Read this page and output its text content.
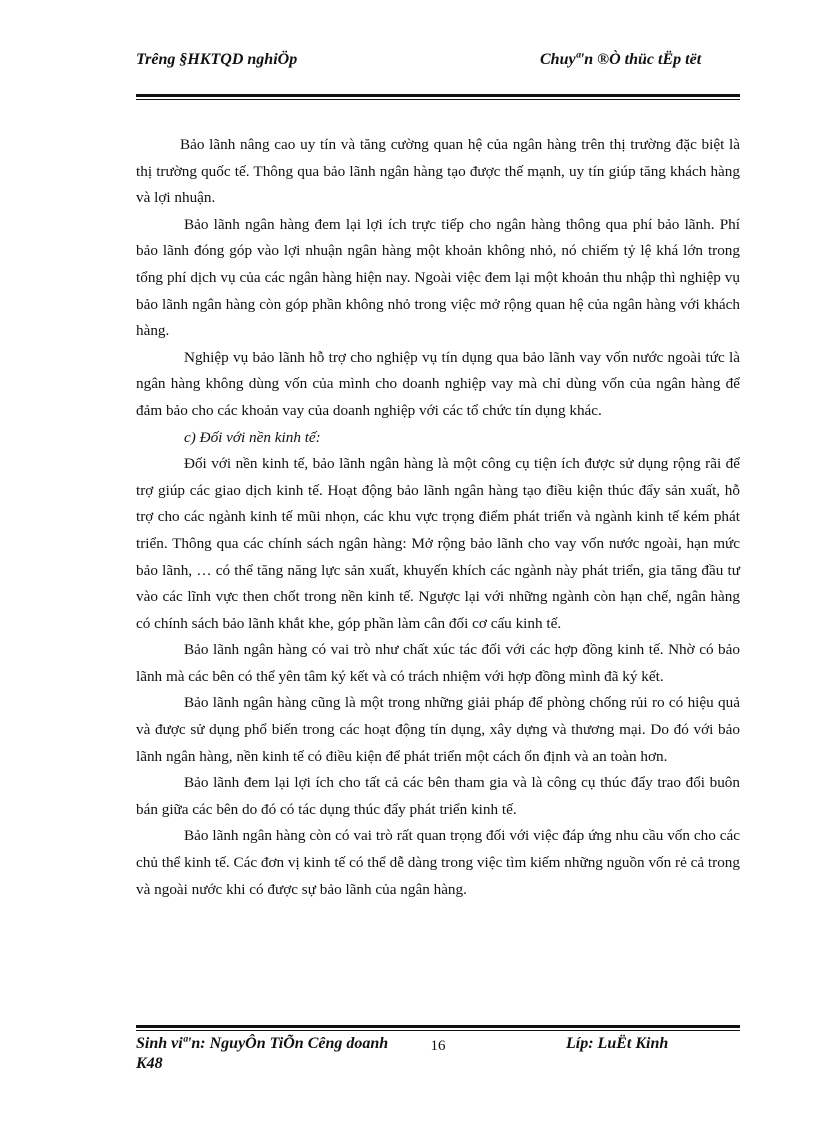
Trêng §HKTQD nghiÖp	Chuyª'n ®Ò thüc tËp tët

Bảo lãnh nâng cao uy tín và tăng cường quan hệ của ngân hàng trên thị trường đặc biệt là thị trường quốc tế. Thông qua bảo lãnh ngân hàng tạo được thế mạnh, uy tín giúp tăng khách hàng và lợi nhuận.

Bảo lãnh ngân hàng đem lại lợi ích trực tiếp cho ngân hàng thông qua phí bảo lãnh. Phí bảo lãnh đóng góp vào lợi nhuận ngân hàng một khoản không nhỏ, nó chiếm tỷ lệ khá lớn trong tổng phí dịch vụ của các ngân hàng hiện nay. Ngoài việc đem lại một khoản thu nhập thì nghiệp vụ bảo lãnh ngân hàng còn góp phần không nhỏ trong việc mở rộng quan hệ của ngân hàng với khách hàng.

Nghiệp vụ bảo lãnh hỗ trợ cho nghiệp vụ tín dụng qua bảo lãnh vay vốn nước ngoài tức là ngân hàng không dùng vốn của mình cho doanh nghiệp vay mà chỉ dùng vốn của ngân hàng để đảm bảo cho các khoản vay của doanh nghiệp với các tổ chức tín dụng khác.

c) Đối với nền kinh tế:

Đối với nền kinh tế, bảo lãnh ngân hàng là một công cụ tiện ích được sử dụng rộng rãi để trợ giúp các giao dịch kinh tế. Hoạt động bảo lãnh ngân hàng tạo điều kiện thúc đẩy sản xuất, hỗ trợ cho các ngành kinh tế mũi nhọn, các khu vực trọng điểm phát triển và ngành kinh tế kém phát triển. Thông qua các chính sách ngân hàng: Mở rộng bảo lãnh cho vay vốn nước ngoài, hạn mức bảo lãnh, … có thể tăng năng lực sản xuất, khuyến khích các ngành này phát triển, gia tăng đầu tư vào các lĩnh vực then chốt trong nền kinh tế. Ngược lại với những ngành còn hạn chế, ngân hàng có chính sách bảo lãnh khắt khe, góp phần làm cân đối cơ cấu kinh tế.

Bảo lãnh ngân hàng có vai trò như chất xúc tác đối với các hợp đồng kinh tế. Nhờ có bảo lãnh mà các bên có thể yên tâm ký kết và có trách nhiệm với hợp đồng mình đã ký kết.

Bảo lãnh ngân hàng cũng là một trong những giải pháp để phòng chống rủi ro có hiệu quả và được sử dụng phổ biến trong các hoạt động tín dụng, xây dựng và thương mại. Do đó với bảo lãnh ngân hàng, nền kinh tế có điều kiện để phát triển một cách ổn định và an toàn hơn.

Bảo lãnh đem lại lợi ích cho tất cả các bên tham gia và là công cụ thúc đẩy trao đổi buôn bán giữa các bên do đó có tác dụng thúc đẩy phát triển kinh tế.

Bảo lãnh ngân hàng còn có vai trò rất quan trọng đối với việc đáp ứng nhu cầu vốn cho các chủ thể kinh tế. Các đơn vị kinh tế có thể dễ dàng trong việc tìm kiếm những nguồn vốn rẻ cả trong và ngoài nước khi có được sự bảo lãnh của ngân hàng.

Sinh viª'n: NguyÔn TiÕn Cêng doanh K48
16	Líp: LuËt Kinh
